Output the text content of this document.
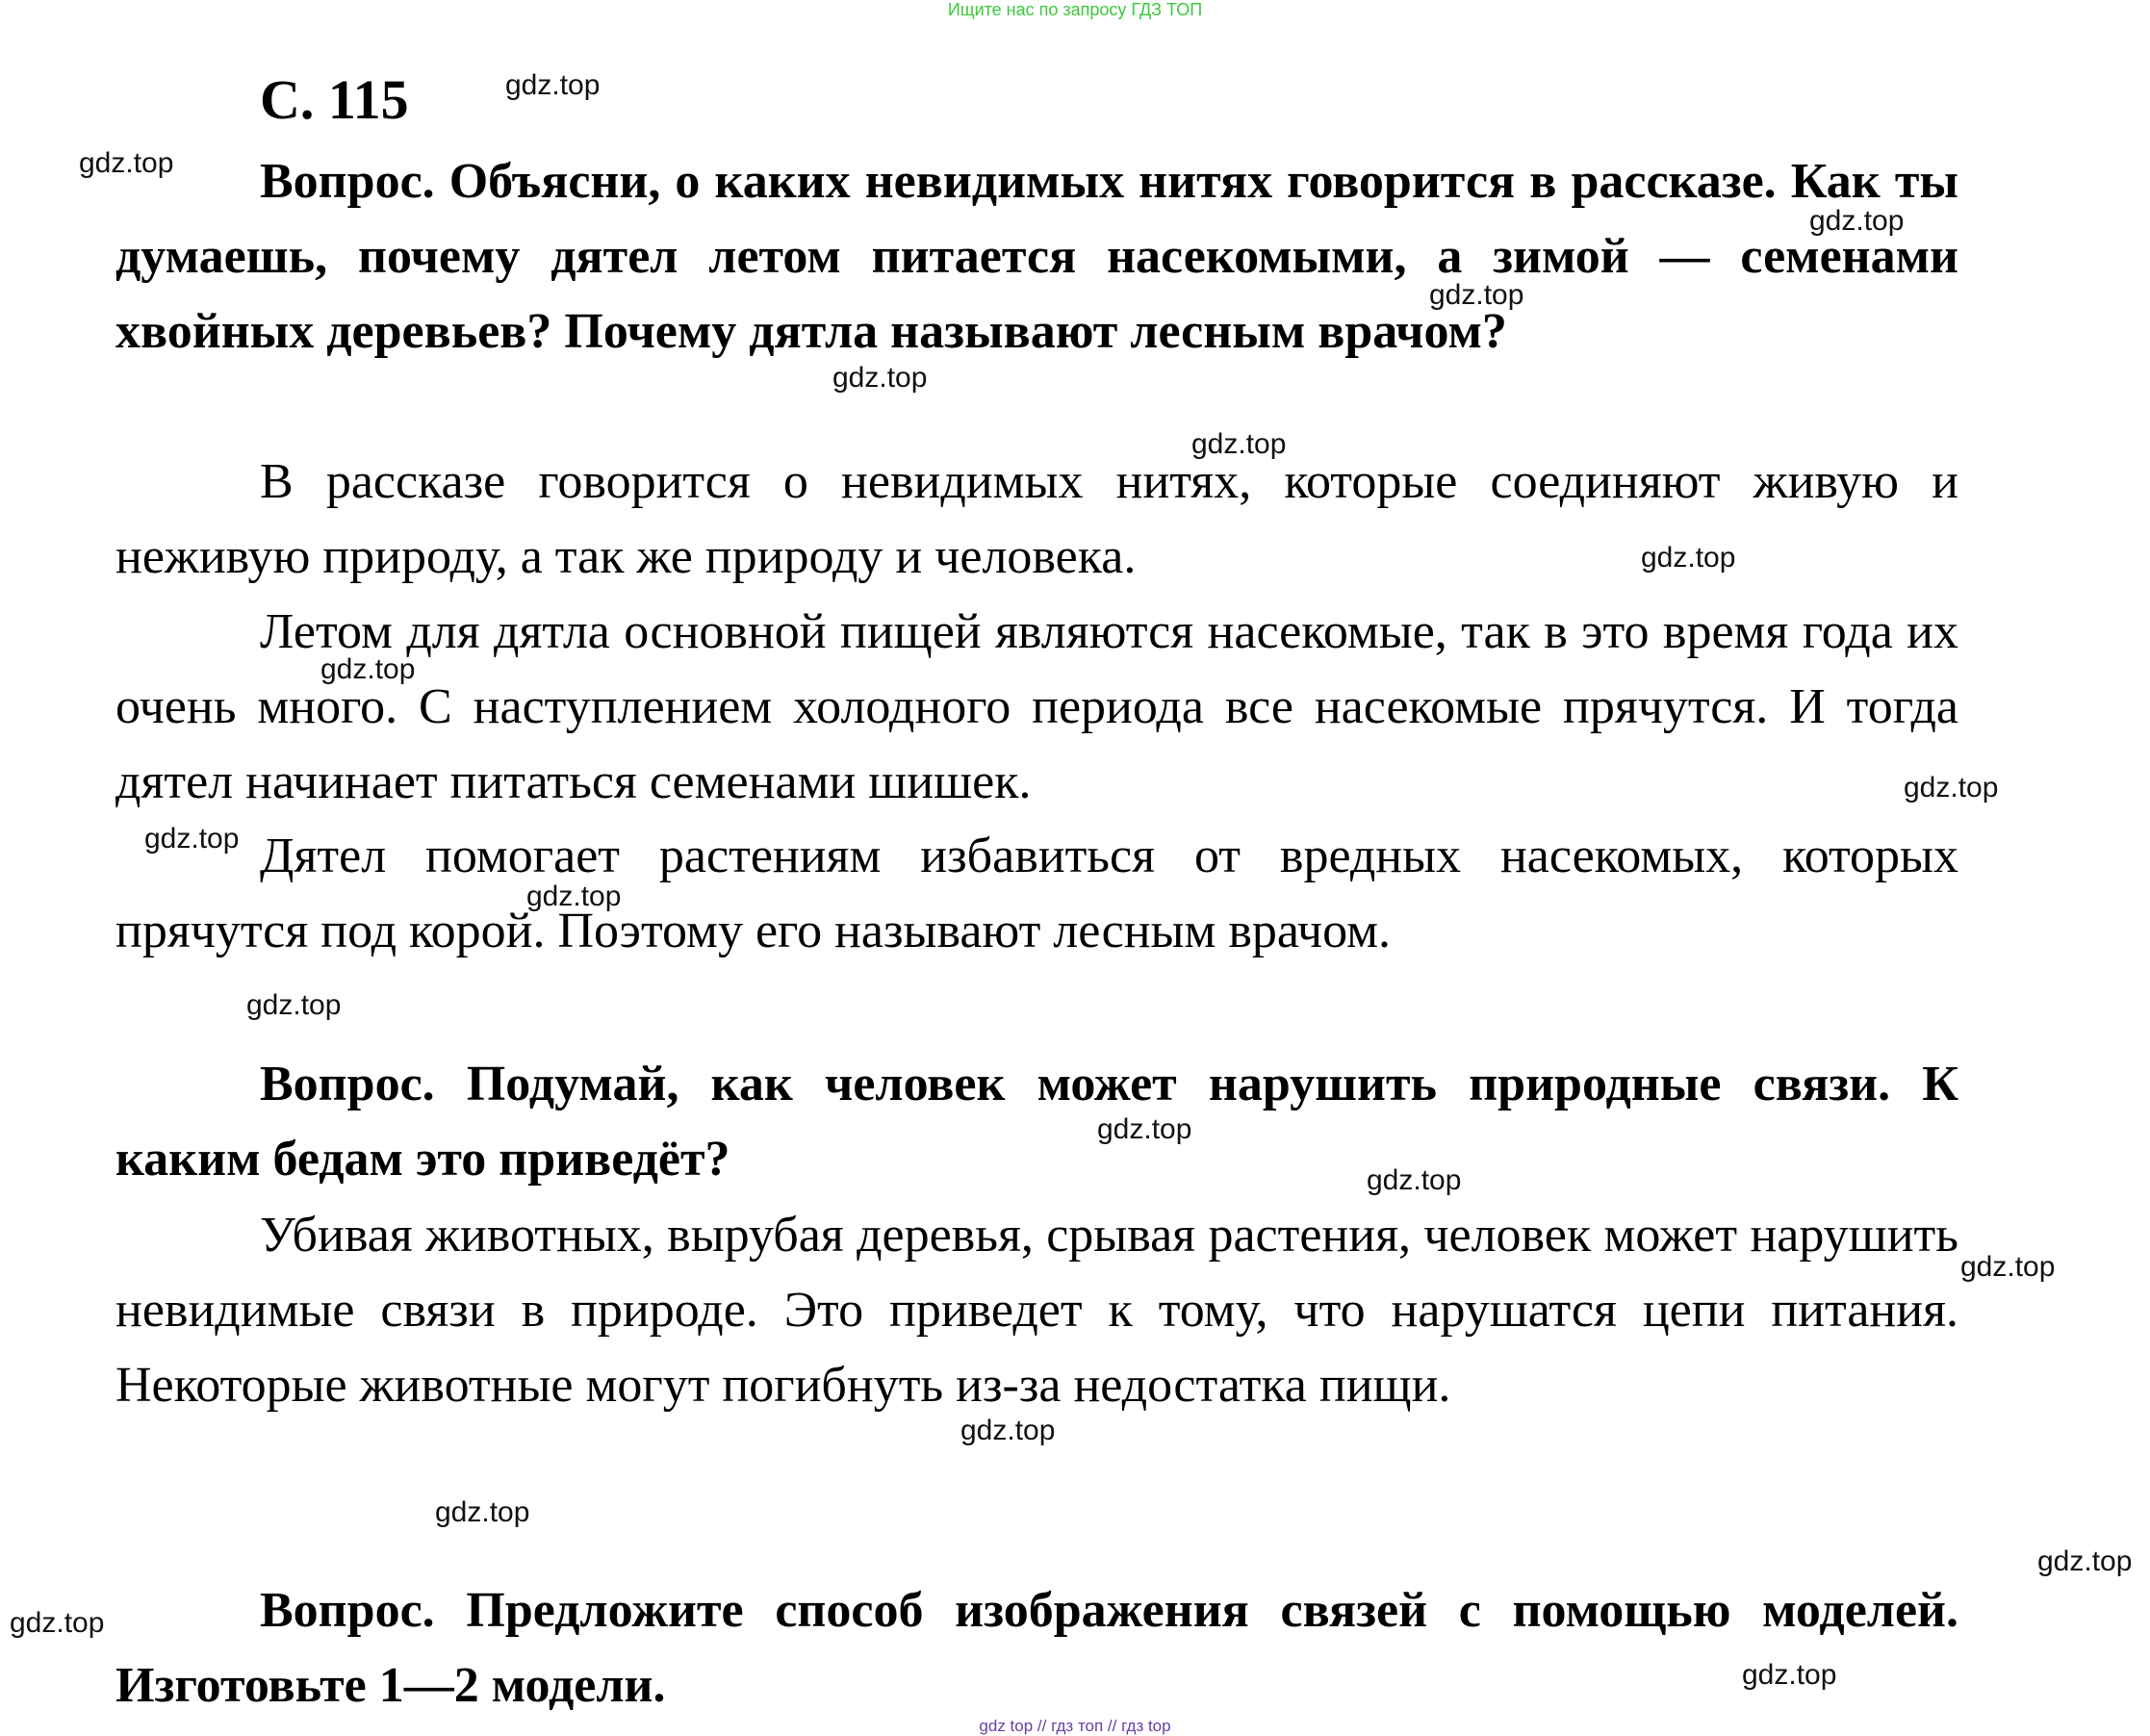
Ищите нас по запросу ГДЗ ТОП
С. 115

Вопрос. Объясни, о каких невидимых нитях говорится в рассказе. Как ты думаешь, почему дятел летом питается насекомыми, а зимой — семенами хвойных деревьев? Почему дятла называют лесным врачом?

В рассказе говорится о невидимых нитях, которые соединяют живую и неживую природу, а так же природу и человека.

Летом для дятла основной пищей являются насекомые, так в это время года их очень много. С наступлением холодного периода все насекомые прячутся. И тогда дятел начинает питаться семенами шишек.

Дятел помогает растениям избавиться от вредных насекомых, которых прячутся под корой. Поэтому его называют лесным врачом.

Вопрос. Подумай, как человек может нарушить природные связи. К каким бедам это приведёт?

Убивая животных, вырубая деревья, срывая растения, человек может нарушить невидимые связи в природе. Это приведет к тому, что нарушатся цепи питания. Некоторые животные могут погибнуть из-за недостатка пищи.

Вопрос. Предложите способ изображения связей с помощью моделей. Изготовьте 1—2 модели.

gdz.top
gdz.top
gdz.top
gdz.top
gdz.top
gdz.top
gdz.top
gdz.top
gdz.top
gdz.top
gdz.top
gdz.top
gdz.top
gdz.top
gdz.top
gdz.top
gdz.top
gdz.top
gdz.top
gdz.top
gdz top // гдз топ // гдз top
